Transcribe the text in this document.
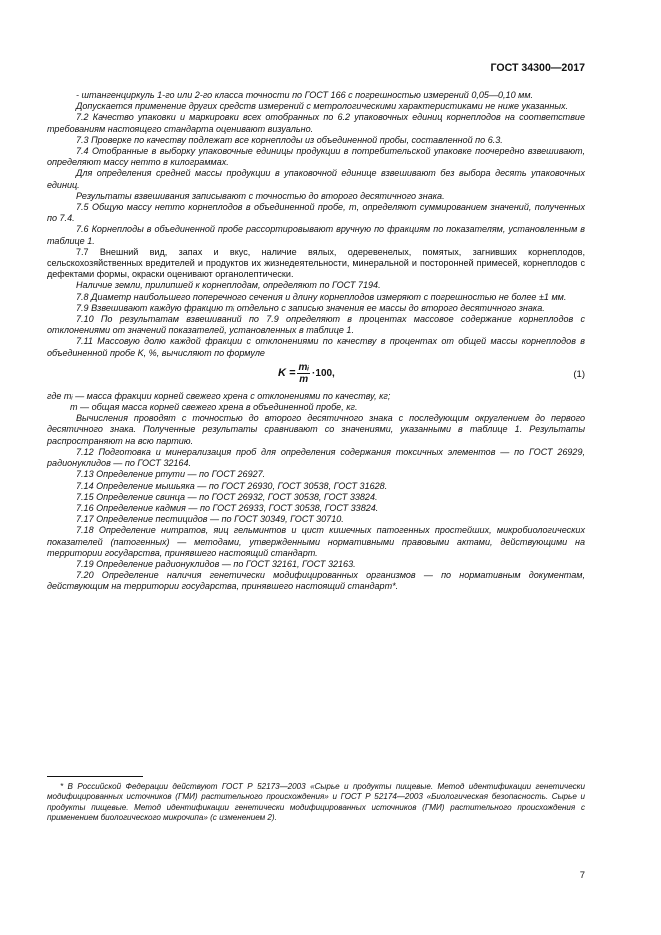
ГОСТ 34300—2017

- штангенциркуль 1-го или 2-го класса точности по ГОСТ 166 с погрешностью измерений 0,05—0,10 мм.

Допускается применение других средств измерений с метрологическими характеристиками не ниже указанных.

7.2 Качество упаковки и маркировки всех отобранных по 6.2 упаковочных единиц корнеплодов на соответствие требованиям настоящего стандарта оценивают визуально.

7.3 Проверке по качеству подлежат все корнеплоды из объединенной пробы, составленной по 6.3.

7.4 Отобранные в выборку упаковочные единицы продукции в потребительской упаковке поочередно взвешивают, определяют массу нетто в килограммах.

Для определения средней массы продукции в упаковочной единице взвешивают без выбора десять упаковочных единиц.

Результаты взвешивания записывают с точностью до второго десятичного знака.

7.5 Общую массу нетто корнеплодов в объединенной пробе, m, определяют суммированием значений, полученных по 7.4.

7.6 Корнеплоды в объединенной пробе рассортировывают вручную по фракциям по показателям, установленным в таблице 1.

7.7 Внешний вид, запах и вкус, наличие вялых, одеревенелых, помятых, загнивших корнеплодов, сельскохозяйственных вредителей и продуктов их жизнедеятельности, минеральной и посторонней примесей, корнеплодов с дефектами формы, окраски оценивают органолептически.

Наличие земли, прилипшей к корнеплодам, определяют по ГОСТ 7194.

7.8 Диаметр наибольшего поперечного сечения и длину корнеплодов измеряют с погрешностью не более ±1 мм.

7.9 Взвешивают каждую фракцию mᵢ отдельно с записью значения ее массы до второго десятичного знака.

7.10 По результатам взвешиваний по 7.9 определяют в процентах массовое содержание корнеплодов с отклонениями от значений показателей, установленных в таблице 1.

7.11 Массовую долю каждой фракции с отклонениями по качеству в процентах от общей массы корнеплодов в объединенной пробе K, %, вычисляют по формуле

$K = \frac{\text{mᵢ}}{m} \cdot 100$,	(1)

где mᵢ — масса фракции корней свежего хрена с отклонениями по качеству, кг;

m — общая масса корней свежего хрена в объединенной пробе, кг.

Вычисления проводят с точностью до второго десятичного знака с последующим округлением до первого десятичного знака. Полученные результаты сравнивают со значениями, указанными в таблице 1. Результаты распространяют на всю партию.

7.12 Подготовка и минерализация проб для определения содержания токсичных элементов — по ГОСТ 26929, радионуклидов — по ГОСТ 32164.

7.13 Определение ртути — по ГОСТ 26927.

7.14 Определение мышьяка — по ГОСТ 26930, ГОСТ 30538, ГОСТ 31628.

7.15 Определение свинца — по ГОСТ 26932, ГОСТ 30538, ГОСТ 33824.

7.16 Определение кадмия — по ГОСТ 26933, ГОСТ 30538, ГОСТ 33824.

7.17 Определение пестицидов — по ГОСТ 30349, ГОСТ 30710.

7.18 Определение нитратов, яиц гельминтов и цист кишечных патогенных простейших, микробиологических показателей (патогенных) — методами, утвержденными нормативными правовыми актами, действующими на территории государства, принявшего настоящий стандарт.

7.19 Определение радионуклидов — по ГОСТ 32161, ГОСТ 32163.

7.20 Определение наличия генетически модифицированных организмов — по нормативным документам, действующим на территории государства, принявшего настоящий стандарт*.

* В Российской Федерации действуют ГОСТ Р 52173—2003 «Сырье и продукты пищевые. Метод идентификации генетически модифицированных источников (ГМИ) растительного происхождения» и ГОСТ Р 52174—2003 «Биологическая безопасность. Сырье и продукты пищевые. Метод идентификации генетически модифицированных источников (ГМИ) растительного происхождения с применением биологического микрочипа» (с изменением 2).
7
